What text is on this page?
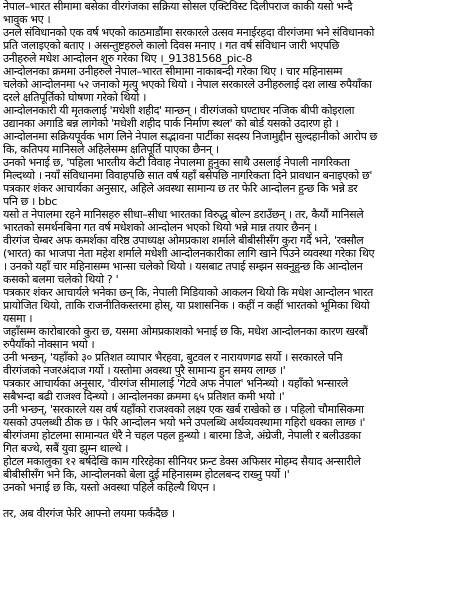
नेपाल–भारत सीमामा बसेका वीरगंजका सक्रिया सोसल एक्टिविस्ट दिलीपराज काकी यसो भन्दै
भावुक भए ।
उनले संविधानको एक वर्ष भएको काठमाडौंमा सरकारले उत्सव मनाईरहदा वीरगंजमा भने संविधानको
प्रति जलाइएको बताए । असन्तुष्टहरुले कालो दिवस मनाए । गत वर्ष संविधान जारी भएपछि
उनीहरुले मधेश आन्दोलन शुरु गरेका थिए ।_91381568_pic-8
आन्दोलनका क्रममा उनीहरुले नेपाल–भारत सीमामा नाकाबन्दी गरेका थिए । चार महिनासम्म
चलेको आन्दोलनमा ५२ जनाको मृत्यु भएको थियो । नेपाल सरकारले उनीहरुलाई दश लाख रुपैयाँका
दरले क्षतिपूर्तिको घोषणा गरेको थियो ।
आन्दोलनकारी यी मृतकलाई 'मधेशी शहीद' मान्छन् । वीरगंजको घण्टाघर नजिक बीपी कोइराला
उद्यानका अगाडि बन्न लागेको 'मधेशी शहीद पार्क निर्माण स्थल' को बोर्ड यसको उदारण हो ।
आन्दोलनमा सक्रियपूर्वक भाग लिने नेपाल सद्भावना पार्टीका सदस्य निजामुद्दीन सुल्दहानीको आरोप छ
कि, कतिपय मानिसले अहिलेसम्म क्षतिपूर्ति पाएका छैनन् ।
उनको भनाई छ, 'पहिला भारतीय केटी विवाह नेपालमा हुनुका साथै उसलाई नेपाली नागरिकता
मिल्दथ्यो । नयाँ संविधानमा विवाहपछि सात वर्ष यहाँ बसेपछि नागरिकता दिने प्रावधान बनाइएको छ'
पत्रकार शंकर आचार्यका अनुसार, अहिले अवस्था सामान्य छ तर फेरि आन्दोलन हुन्छ कि भन्ने डर
पनि छ । bbc
यसो त नेपालमा रहने मानिसहरु सीधा–सीधा भारतका विरुद्ध बोल्न डराउँछन् । तर, कैयौं मानिसले
भारतको समर्थनबिना गत वर्ष मधेशको आन्दोलन भएको थियो भन्ने मान्न तयार छैनन् ।
वीरगंज चेम्बर अफ कमर्शका वरिष्ठ उपाध्यक्ष ओमप्रकाश शर्माले बीबीसीसँग कुरा गर्दै भने, 'रक्सौल
(भारत) का भाजपा नेता महेश शर्माले मधेशी आन्दोलनकारीका लागि खाने पिउने व्यवस्था गरेका थिए
। उनको यहाँ चार महिनासम्म भान्सा चलेको थियो । यसबाट तपाई सम्झन सक्नुहुन्छ कि आन्दोलन
कसको बलमा चलेको थियो ? '
पत्रकार शंकर आचार्यले भनेका छन् कि, नेपाली मिडियाको आकलन थियो कि मधेश आन्दोलन भारत
प्रायोजित थियो, ताकि राजनीतिकस्तरमा होस्, या प्रशासनिक । कहीं न कहीं भारतको भूमिका थियो
यसमा ।
जहाँसम्म कारोबारको कुरा छ, यसमा ओमप्रकाशको भनाई छ कि, मधेश आन्दोलनका कारण खरबौं
रुपैयाँको नोक्सान भयो ।
उनी भन्छन्, 'यहाँको ३० प्रतिशत व्यापार भैरहवा, बुटवल र नारायणगढ सर्यो । सरकारले पनि
वीरगंजको नजरअंदाज गर्यो । यस्तोमा अवस्था पुरै सामान्य हुन समय लाग्छ ।'
पत्रकार आचार्यका अनुसार, 'वीरगंज सीमालाई 'गेटवे अफ नेपाल' भनिन्थ्यो । यहाँको भन्सारले
सबैभन्दा बढी राजश्व दिन्थ्यो । आन्दोलनका क्रममा ६५ प्रतिशत कमी भयो ।'
उनी भन्छन्, 'सरकारले यस वर्ष यहाँको राजश्वको लक्ष्य एक खर्ब राखेको छ । पहिलो चौमासिकमा
यसको उपलब्धी ठीक छ । फेरि आन्दोलन भयो भने उपलब्धि अर्थव्यवस्थामा गहिरो धक्का लाग्छ ।'
बीरगंजमा होटलमा सामान्यत धेरै ने चहल पहल हुन्थ्यो । बारमा डिजे, अंग्रेजी, नेपाली र बलीउडका
गित बज्थे, सबैं युवा झुम्न थाल्थे ।
होटल मकालुका १२ बर्षदेखि काम गरिरहेका सीनियर फ्रन्ट डेक्स अफिसर मोहम्द सैयाद अन्सारीले
बीबीसीसँग भने कि, आन्दोलनको बेला दुई महिनासम्म होटलबन्द राख्नु पर्यो ।'
उनको भनाई छ कि, यस्तो अवस्था पहिले कहिल्यै थिएन ।
तर, अब वीरगंज फेरि आफ्नो लयमा फर्कदैछ ।
